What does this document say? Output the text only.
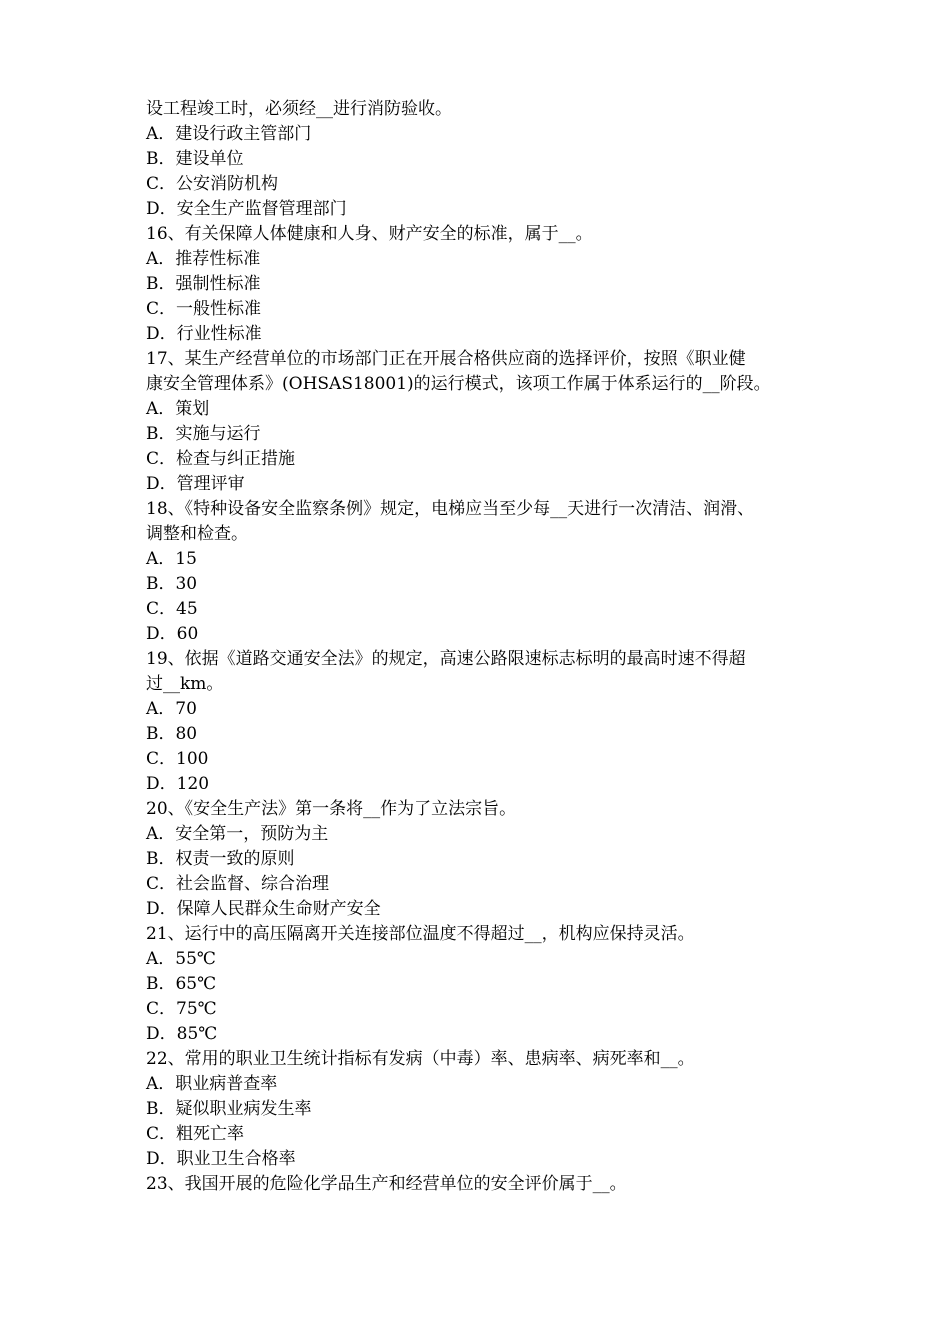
设工程竣工时，必须经__进行消防验收。
A．建设行政主管部门
B．建设单位
C．公安消防机构
D．安全生产监督管理部门
16、有关保障人体健康和人身、财产安全的标准，属于__。
A．推荐性标准
B．强制性标准
C．一般性标准
D．行业性标准
17、某生产经营单位的市场部门正在开展合格供应商的选择评价，按照《职业健
康安全管理体系》(OHSAS18001)的运行模式，该项工作属于体系运行的__阶段。
A．策划
B．实施与运行
C．检查与纠正措施
D．管理评审
18、《特种设备安全监察条例》规定，电梯应当至少每__天进行一次清洁、润滑、
调整和检查。
A．15
B．30
C．45
D．60
19、依据《道路交通安全法》的规定，高速公路限速标志标明的最高时速不得超
过__km。
A．70
B．80
C．100
D．120
20、《安全生产法》第一条将__作为了立法宗旨。
A．安全第一，预防为主
B．权责一致的原则
C．社会监督、综合治理
D．保障人民群众生命财产安全
21、运行中的高压隔离开关连接部位温度不得超过__，机构应保持灵活。
A．55℃
B．65℃
C．75℃
D．85℃
22、常用的职业卫生统计指标有发病（中毒）率、患病率、病死率和__。
A．职业病普查率
B．疑似职业病发生率
C．粗死亡率
D．职业卫生合格率
23、我国开展的危险化学品生产和经营单位的安全评价属于__。
